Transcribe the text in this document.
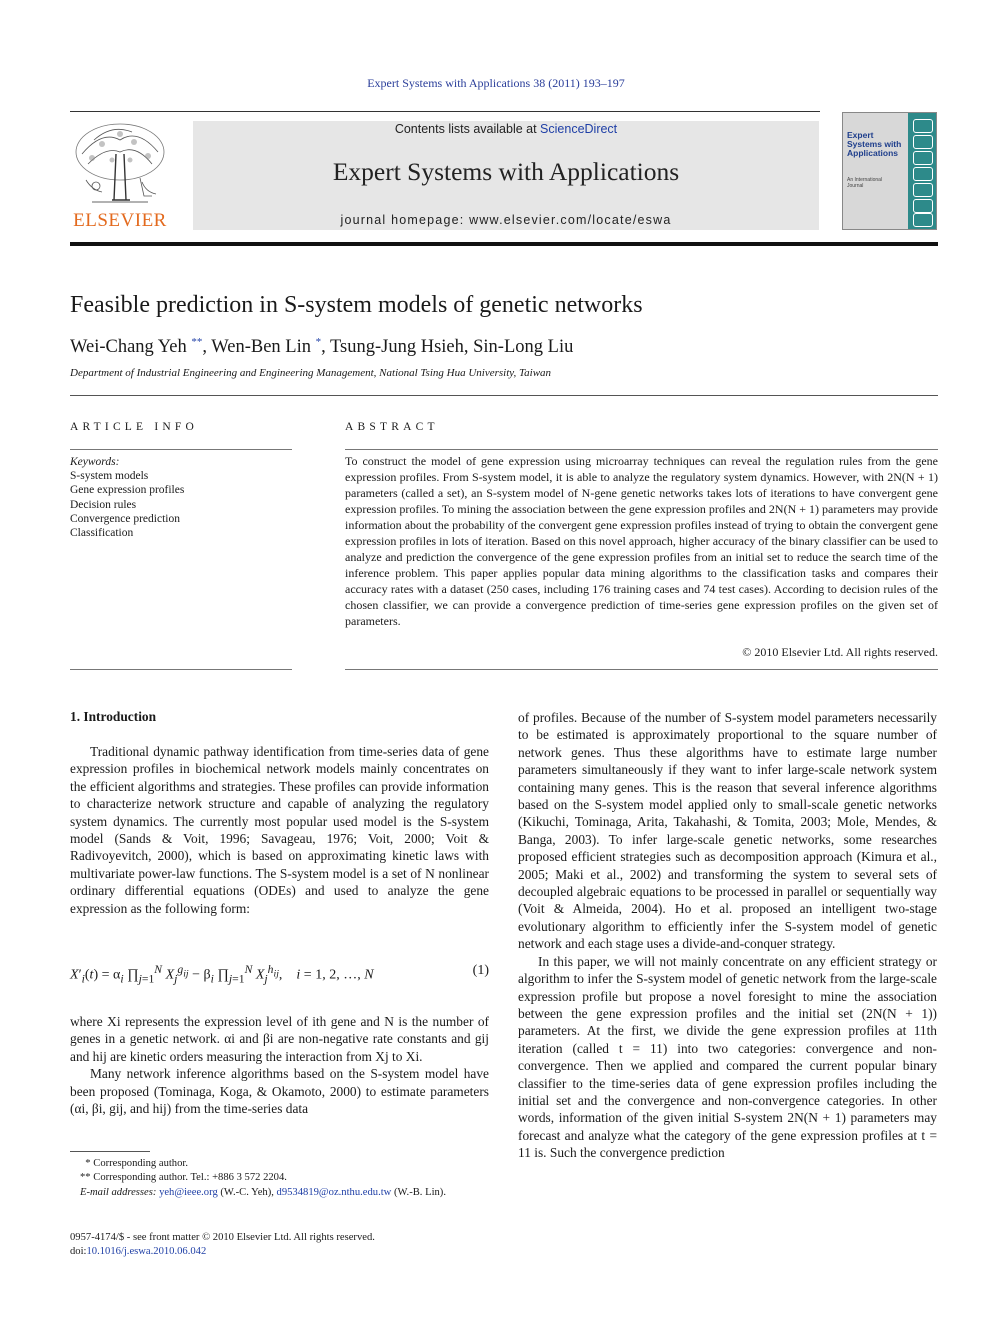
Expert Systems with Applications 38 (2011) 193–197
ELSEVIER
Contents lists available at ScienceDirect
Expert Systems with Applications
journal homepage: www.elsevier.com/locate/eswa
Expert Systems with Applications
An International Journal
Feasible prediction in S-system models of genetic networks
Wei-Chang Yeh **, Wen-Ben Lin *, Tsung-Jung Hsieh, Sin-Long Liu
Department of Industrial Engineering and Engineering Management, National Tsing Hua University, Taiwan
ARTICLE INFO	ABSTRACT
Keywords:
S-system models
Gene expression profiles
Decision rules
Convergence prediction
Classification
To construct the model of gene expression using microarray techniques can reveal the regulation rules from the gene expression profiles. From S-system model, it is able to analyze the regulatory system dynamics. However, with 2N(N + 1) parameters (called a set), an S-system model of N-gene genetic networks takes lots of iterations to have convergent gene expression profiles. To mining the association between the gene expression profiles and 2N(N + 1) parameters may provide information about the probability of the convergent gene expression profiles instead of trying to obtain the convergent gene expression profiles in lots of iteration. Based on this novel approach, higher accuracy of the binary classifier can be used to analyze and prediction the convergence of the gene expression profiles from an initial set to reduce the search time of the inference problem. This paper applies popular data mining algorithms to the classification tasks and compares their accuracy rates with a dataset (250 cases, including 176 training cases and 74 test cases). According to decision rules of the chosen classifier, we can provide a convergence prediction of time-series gene expression profiles on the given set of parameters.
© 2010 Elsevier Ltd. All rights reserved.
1. Introduction

Traditional dynamic pathway identification from time-series data of gene expression profiles in biochemical network models mainly concentrates on the efficient algorithms and strategies. These profiles can provide information to characterize network structure and capable of analyzing the regulatory system dynamics. The currently most popular used model is the S-system model (Sands & Voit, 1996; Savageau, 1976; Voit, 2000; Voit & Radivoyevitch, 2000), which is based on approximating kinetic laws with multivariate power-law functions. The S-system model is a set of N nonlinear ordinary differential equations (ODEs) and used to analyze the gene expression as the following form:

$X'_i(t) = \alpha_i$ $\prod_{j=1}^N$ $X_j^{g_{ij}} - \beta_i$ $\prod_{j=1}^N$ $X_j^{h_{ij}}$,    i = 1, 2, …, N	(1)

where Xi represents the expression level of ith gene and N is the number of genes in a genetic network. αi and βi are non-negative rate constants and gij and hij are kinetic orders measuring the interaction from Xj to Xi.

Many network inference algorithms based on the S-system model have been proposed (Tominaga, Koga, & Okamoto, 2000) to estimate parameters (αi, βi, gij, and hij) from the time-series data

of profiles. Because of the number of S-system model parameters necessarily to be estimated is approximately proportional to the square number of network genes. Thus these algorithms have to estimate large number parameters simultaneously if they want to infer large-scale network system containing many genes. This is the reason that several inference algorithms based on the S-system model applied only to small-scale genetic networks (Kikuchi, Tominaga, Arita, Takahashi, & Tomita, 2003; Mole, Mendes, & Banga, 2003). To infer large-scale genetic networks, some researches proposed efficient strategies such as decomposition approach (Kimura et al., 2005; Maki et al., 2002) and transforming the system to several sets of decoupled algebraic equations to be processed in parallel or sequentially way (Voit & Almeida, 2004). Ho et al. proposed an intelligent two-stage evolutionary algorithm to efficiently infer the S-system model of genetic network and each stage uses a divide-and-conquer strategy.

In this paper, we will not mainly concentrate on any efficient strategy or algorithm to infer the S-system model of genetic network from the large-scale expression profile but propose a novel foresight to mine the association between the gene expression profiles and the initial set (2N(N + 1)) parameters. At the first, we divide the gene expression profiles at 11th iteration (called t = 11) into two categories: convergence and non-convergence. Then we applied and compared the current popular binary classifier to the time-series data of gene expression profiles including the initial set and the convergence and non-convergence categories. In other words, information of the given initial S-system 2N(N + 1) parameters may forecast and analyze what the category of the gene expression profiles at t = 11 is. Such the convergence prediction

* Corresponding author.
** Corresponding author. Tel.: +886 3 572 2204.
E-mail addresses: yeh@ieee.org (W.-C. Yeh), d9534819@oz.nthu.edu.tw (W.-B. Lin).
0957-4174/$ - see front matter © 2010 Elsevier Ltd. All rights reserved.
doi:10.1016/j.eswa.2010.06.042
